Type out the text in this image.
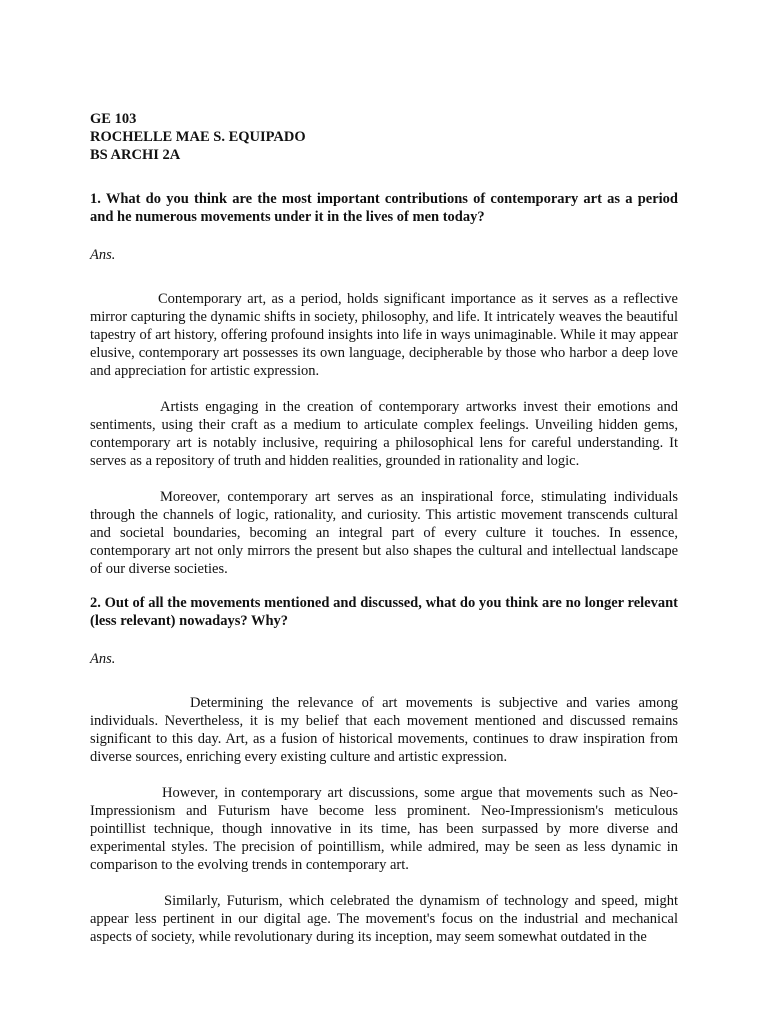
GE 103
ROCHELLE MAE S. EQUIPADO
BS ARCHI 2A
1. What do you think are the most important contributions of contemporary art as a period and he numerous movements under it in the lives of men today?
Ans.

Contemporary art, as a period, holds significant importance as it serves as a reflective mirror capturing the dynamic shifts in society, philosophy, and life. It intricately weaves the beautiful tapestry of art history, offering profound insights into life in ways unimaginable. While it may appear elusive, contemporary art possesses its own language, decipherable by those who harbor a deep love and appreciation for artistic expression.

Artists engaging in the creation of contemporary artworks invest their emotions and sentiments, using their craft as a medium to articulate complex feelings. Unveiling hidden gems, contemporary art is notably inclusive, requiring a philosophical lens for careful understanding. It serves as a repository of truth and hidden realities, grounded in rationality and logic.

Moreover, contemporary art serves as an inspirational force, stimulating individuals through the channels of logic, rationality, and curiosity. This artistic movement transcends cultural and societal boundaries, becoming an integral part of every culture it touches. In essence, contemporary art not only mirrors the present but also shapes the cultural and intellectual landscape of our diverse societies.

2. Out of all the movements mentioned and discussed, what do you think are no longer relevant (less relevant) nowadays? Why?
Ans.

Determining the relevance of art movements is subjective and varies among individuals. Nevertheless, it is my belief that each movement mentioned and discussed remains significant to this day. Art, as a fusion of historical movements, continues to draw inspiration from diverse sources, enriching every existing culture and artistic expression.

However, in contemporary art discussions, some argue that movements such as Neo-Impressionism and Futurism have become less prominent. Neo-Impressionism's meticulous pointillist technique, though innovative in its time, has been surpassed by more diverse and experimental styles. The precision of pointillism, while admired, may be seen as less dynamic in comparison to the evolving trends in contemporary art.

Similarly, Futurism, which celebrated the dynamism of technology and speed, might appear less pertinent in our digital age. The movement's focus on the industrial and mechanical aspects of society, while revolutionary during its inception, may seem somewhat outdated in the
